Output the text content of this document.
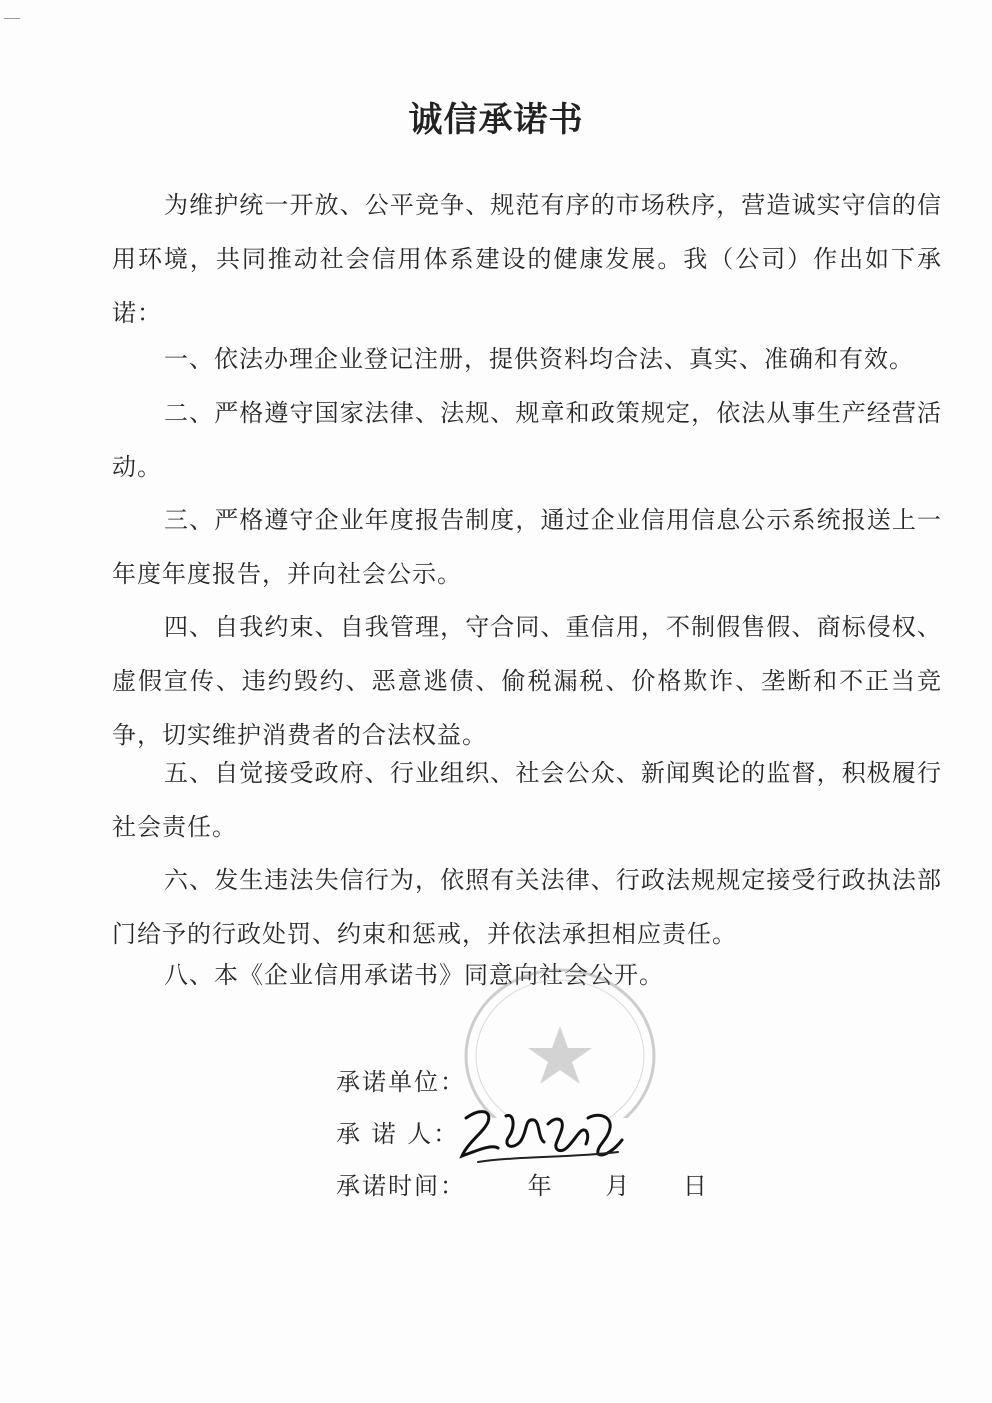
诚信承诺书
为维护统一开放、公平竞争、规范有序的市场秩序，营造诚实守信的信用环境，共同推动社会信用体系建设的健康发展。我（公司）作出如下承诺：
一、依法办理企业登记注册，提供资料均合法、真实、准确和有效。
二、严格遵守国家法律、法规、规章和政策规定，依法从事生产经营活动。
三、严格遵守企业年度报告制度，通过企业信用信息公示系统报送上一年度年度报告，并向社会公示。
四、自我约束、自我管理，守合同、重信用，不制假售假、商标侵权、虚假宣传、违约毁约、恶意逃债、偷税漏税、价格欺诈、垄断和不正当竞争，切实维护消费者的合法权益。
五、自觉接受政府、行业组织、社会公众、新闻舆论的监督，积极履行社会责任。
六、发生违法失信行为，依照有关法律、行政法规规定接受行政执法部门给予的行政处罚、约束和惩戒，并依法承担相应责任。
八、本《企业信用承诺书》同意向社会公开。
承诺单位：
承 诺 人：
承诺时间：	年 月 日
